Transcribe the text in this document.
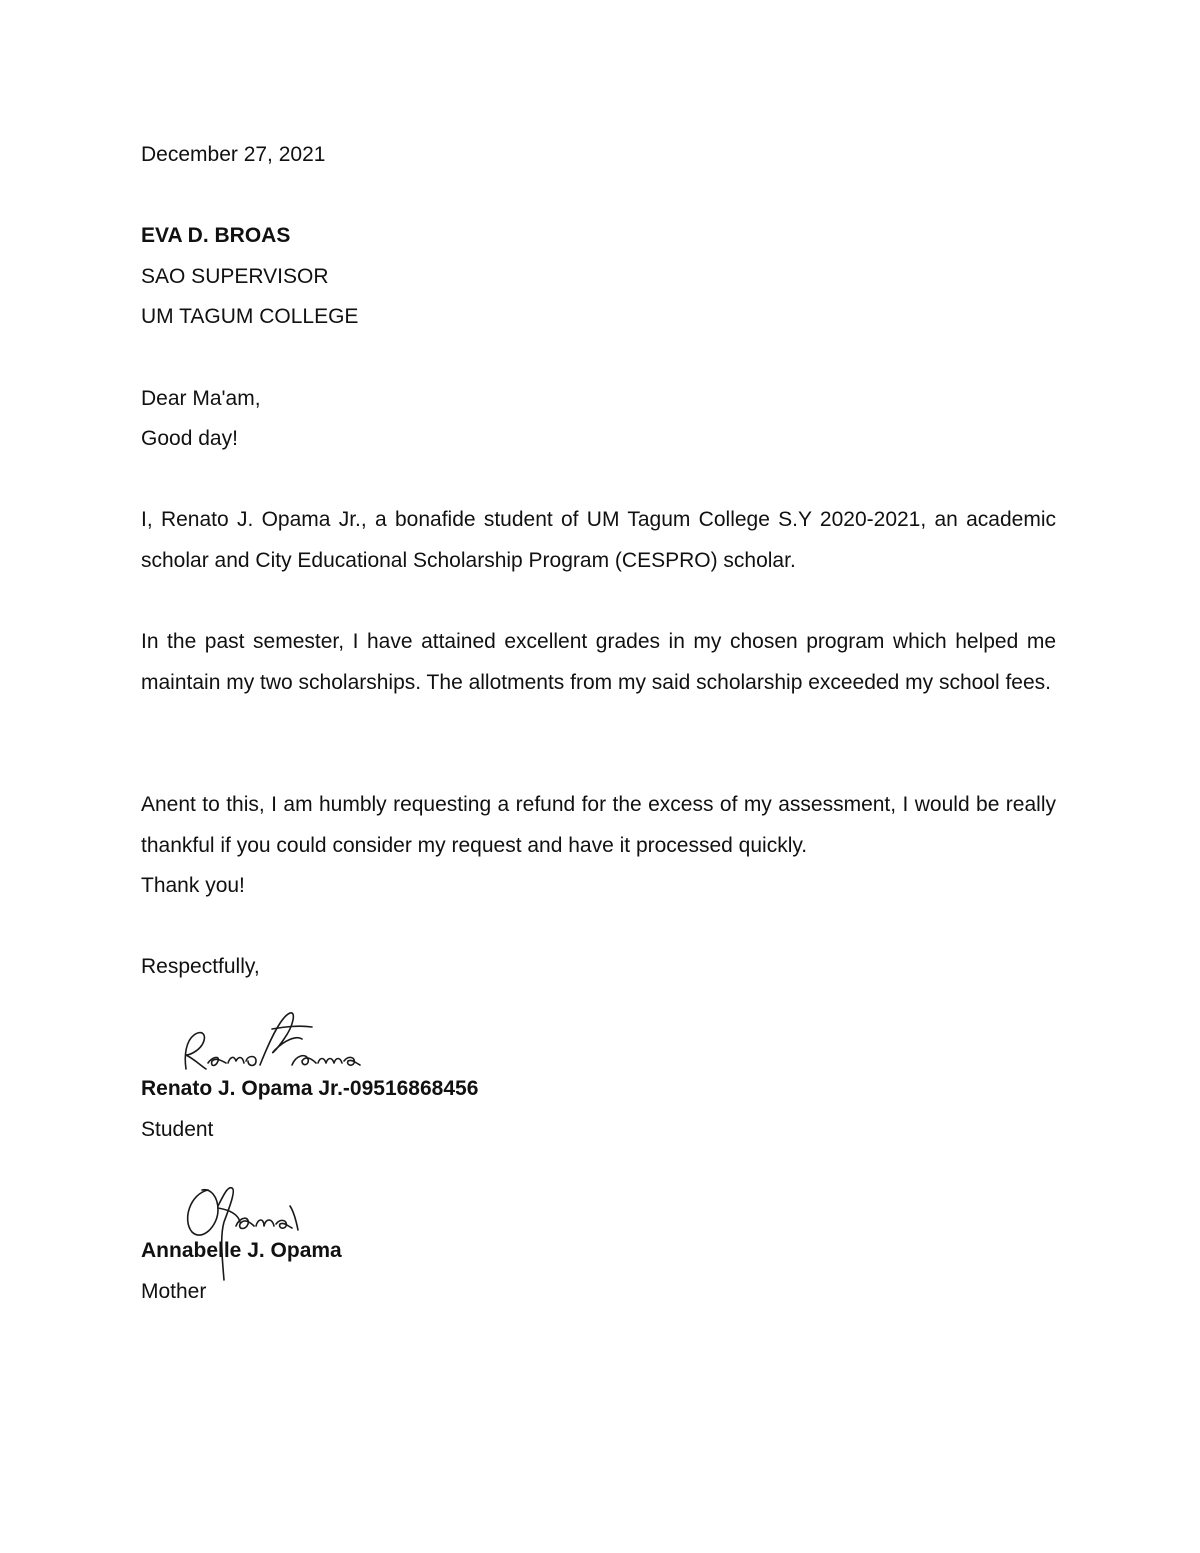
December 27, 2021
EVA D. BROAS
SAO SUPERVISOR
UM TAGUM COLLEGE
Dear Ma'am,
Good day!
I, Renato J. Opama Jr., a bonafide student of UM Tagum College S.Y 2020-2021, an academic scholar and City Educational Scholarship Program (CESPRO) scholar.
In the past semester, I have attained excellent grades in my chosen program which helped me maintain my two scholarships. The allotments from my said scholarship exceeded my school fees.
Anent to this, I am humbly requesting a refund for the excess of my assessment, I would be really thankful if you could consider my request and have it processed quickly.
Thank you!
Respectfully,
Renato J. Opama Jr.-09516868456
Student
Annabelle J. Opama
Mother
